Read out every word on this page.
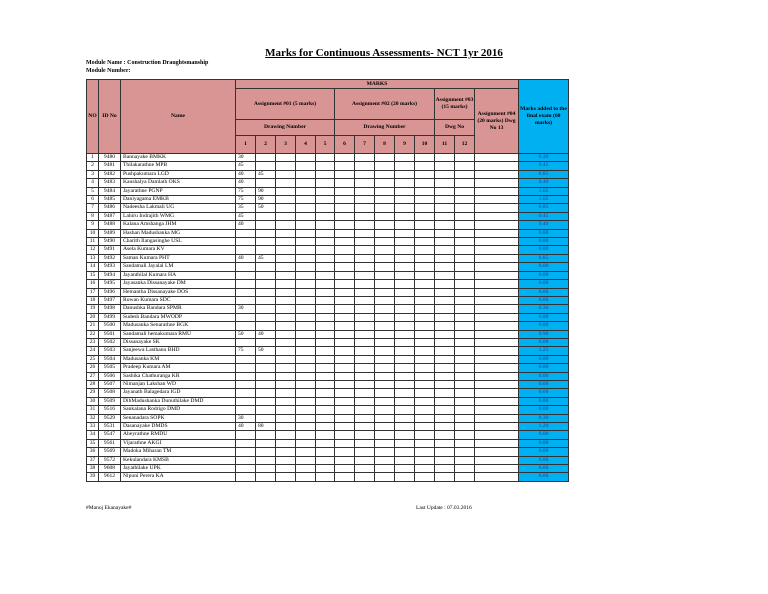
Marks for Continuous Assessments- NCT 1yr 2016
Module Name : Construction Draughtsmanship
Module Number:
NO	ID No	Name	MARKS													Marks added to the final exam (60 marks)
			Assignment #01 (5 marks)					Assignment #02 (20 marks)					Assignment #03 (15 marks)		Assignment #04 (20 marks) Dwg No 13	
			Drawing Number					Drawing Number					Dwg No			
			1	2	3	4	5	6	7	8	9	10	11	12		
1	9480	Bannayake BMKK	30													0.30
2	9481	Thilakarathne MPB	45													0.45
3	9482	Pushpakumara LGD	40	45												0.85
4	9483	Kaushalya Damlath OKS	40													0.40
5	9484	Jayarathne PGNP	75	90												1.65
6	9485	Daniyagama EMKB	75	90												1.65
7	9486	Nadeesha Lakmali UG	35	50												0.85
8	9487	Lahiru Indrajith WMG	45													0.45
9	9488	Kalana Amshanga JHM	40													0.40
10	9489	Hashan Madushanka MG														0.00
11	9490	Charith Ilangasinghe USL														0.00
12	9491	Asela Kumara KV														0.00
13	9492	Saman Kumara PHT	40	45												0.85
14	9493	Sandamali Jayalal LM														0.00
15	9494	Jayanthilal Kumara HA														0.00
16	9495	Jayasanka Dissanayake DM														0.00
17	9496	Hemantha Dissanayake DOS														0.00
18	9497	Ruwan Kumara SDC														0.00
19	9498	Danushka Bandara SPMR	30													0.30
20	9499	Sudesh Bandara MWODP														0.00
21	9500	Madusanka Senarathne BGK														0.00
22	9501	Sandamali hemakumara RMU	50	40												0.90
23	9502	Dissanayake SK														0.00
24	9503	Sanjeewa Lasthanu BHD	75	50												1.25
25	9504	Madusanka KM														0.00
26	9505	Pradeep Kumara AM														0.00
27	9506	Sashika Chathuranga KR														0.00
28	9507	Nimanjan Lakshan WD														0.00
29	9508	Jayanath Balagedara IGD														0.00
30	9509	DihMadushanka Dunuthilake DMD														0.00
31	9516	Sankalana Rodrigo DMD														0.00
32	9529	Senanadara SOPK	30													0.30
33	9531	Dasanayake DMDS	40	80												1.20
34	9547	Abeyrathne RMDU														0.00
35	9561	Vijarathne AKGI														0.00
36	9569	Madoka Miharan TM														0.00
37	9572	Kekulandara KMSB														0.00
38	9608	Jayathilake UPK														0.00
39	9612	Nipuni Perera KA														0.00
#Manoj Ekanayake#	Last Update : 07.03.2016
